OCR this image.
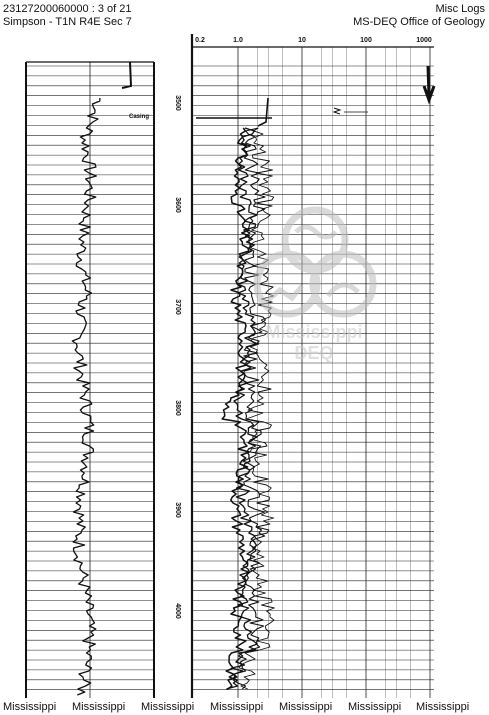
23127200060000 : 3 of 21
Simpson - T1N R4E Sec 7
Misc Logs
MS-DEQ Office of Geology
Casing
3500
3600
3700
3800
3900
4000
0.2	1.0	10	100	1000
Mississippi
DEQ
Mississippi Mississippi Mississippi Mississippi Mississippi Mississippi Mississippi
